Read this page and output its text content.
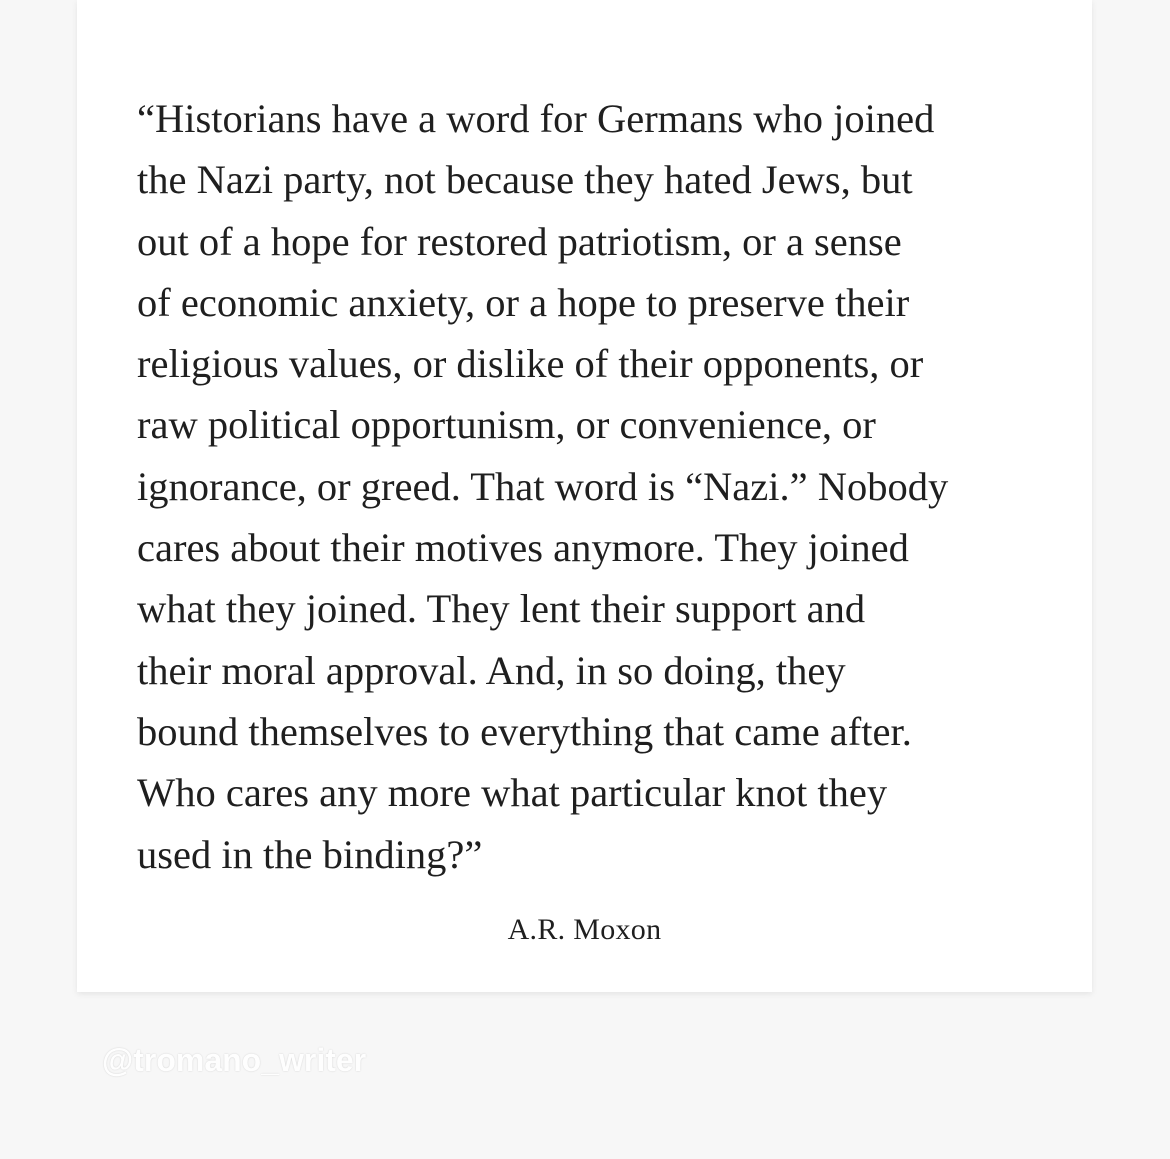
“Historians have a word for Germans who joined
the Nazi party, not because they hated Jews, but
out of a hope for restored patriotism, or a sense
of economic anxiety, or a hope to preserve their
religious values, or dislike of their opponents, or
raw political opportunism, or convenience, or
ignorance, or greed. That word is “Nazi.” Nobody
cares about their motives anymore. They joined
what they joined. They lent their support and
their moral approval. And, in so doing, they
bound themselves to everything that came after.
Who cares any more what particular knot they
used in the binding?”

A.R. Moxon
@tromano_writer
